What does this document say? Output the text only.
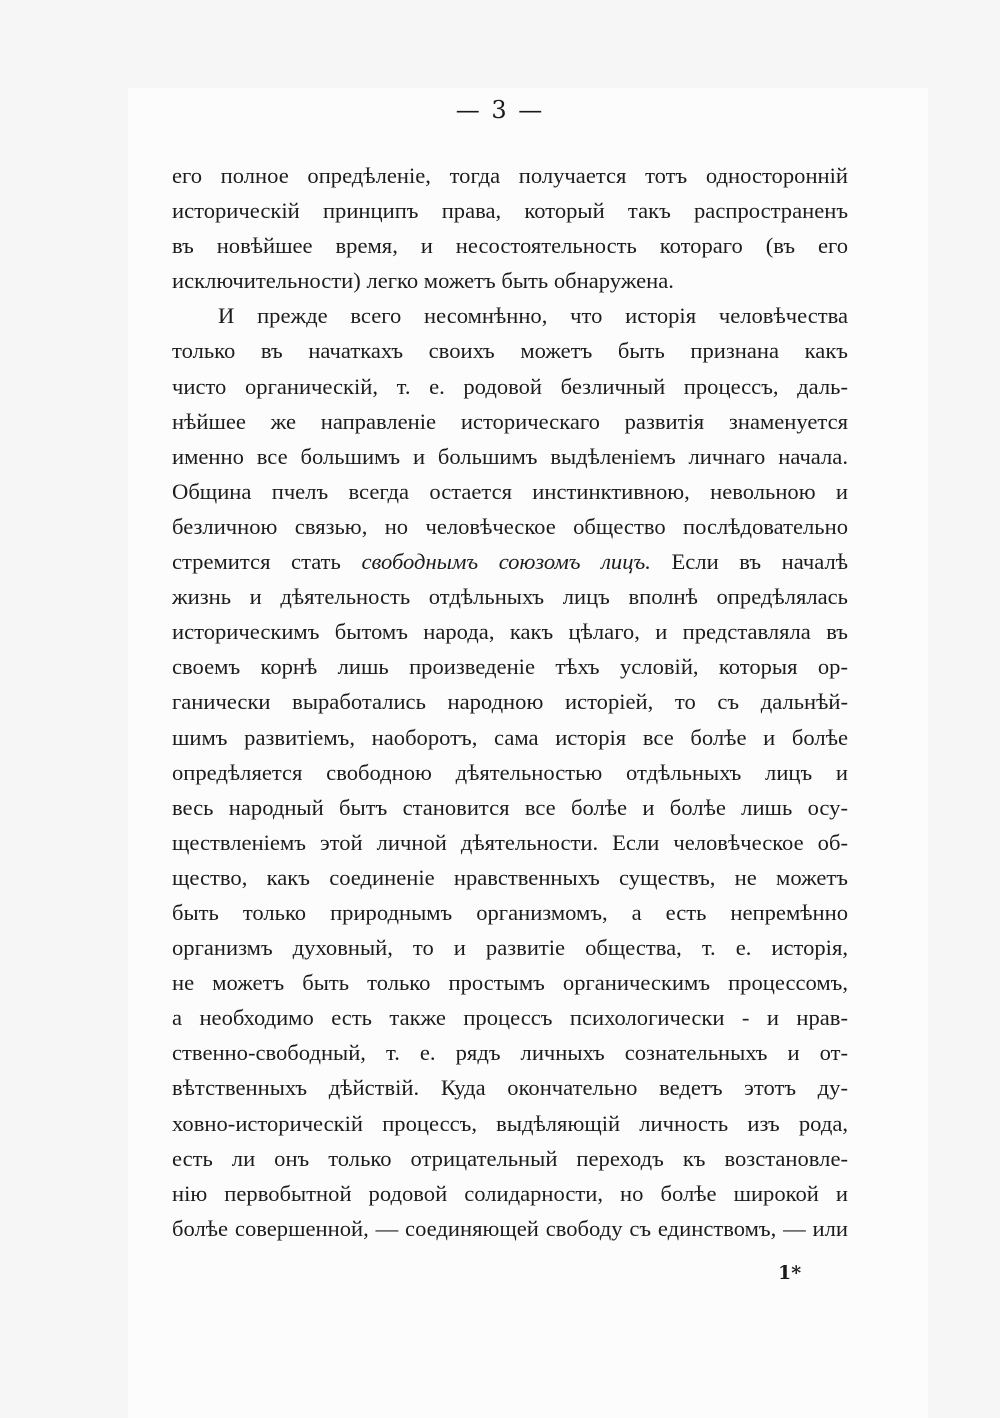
— 3 —
его полное опредѣленіе, тогда получается тотъ односторонній
историческій принципъ права, который такъ распространенъ
въ новѣйшее время, и несостоятельность котораго (въ его
исключительности) легко можетъ быть обнаружена.
И прежде всего несомнѣнно, что исторія человѣчества
только въ начаткахъ своихъ можетъ быть признана какъ
чисто органическій, т. е. родовой безличный процессъ, даль-
нѣйшее же направленіе историческаго развитія знаменуется
именно все большимъ и большимъ выдѣленіемъ личнаго начала.
Община пчелъ всегда остается инстинктивною, невольною и
безличною связью, но человѣческое общество послѣдовательно
стремится стать свободнымъ союзомъ лицъ. Если въ началѣ
жизнь и дѣятельность отдѣльныхъ лицъ вполнѣ опредѣлялась
историческимъ бытомъ народа, какъ цѣлаго, и представляла въ
своемъ корнѣ лишь произведеніе тѣхъ условій, которыя ор-
ганически выработались народною исторіей, то съ дальнѣй-
шимъ развитіемъ, наоборотъ, сама исторія все болѣе и болѣе
опредѣляется свободною дѣятельностью отдѣльныхъ лицъ и
весь народный бытъ становится все болѣе и болѣе лишь осу-
ществленіемъ этой личной дѣятельности. Если человѣческое об-
щество, какъ соединеніе нравственныхъ существъ, не можетъ
быть только природнымъ организмомъ, а есть непремѣнно
организмъ духовный, то и развитіе общества, т. е. исторія,
не можетъ быть только простымъ органическимъ процессомъ,
а необходимо есть также процессъ психологически - и нрав-
ственно-свободный, т. е. рядъ личныхъ сознательныхъ и от-
вѣтственныхъ дѣйствій. Куда окончательно ведетъ этотъ ду-
ховно-историческій процессъ, выдѣляющій личность изъ рода,
есть ли онъ только отрицательный переходъ къ возстановле-
нію первобытной родовой солидарности, но болѣе широкой и
болѣе совершенной, — соединяющей свободу съ единствомъ, — или
1*
